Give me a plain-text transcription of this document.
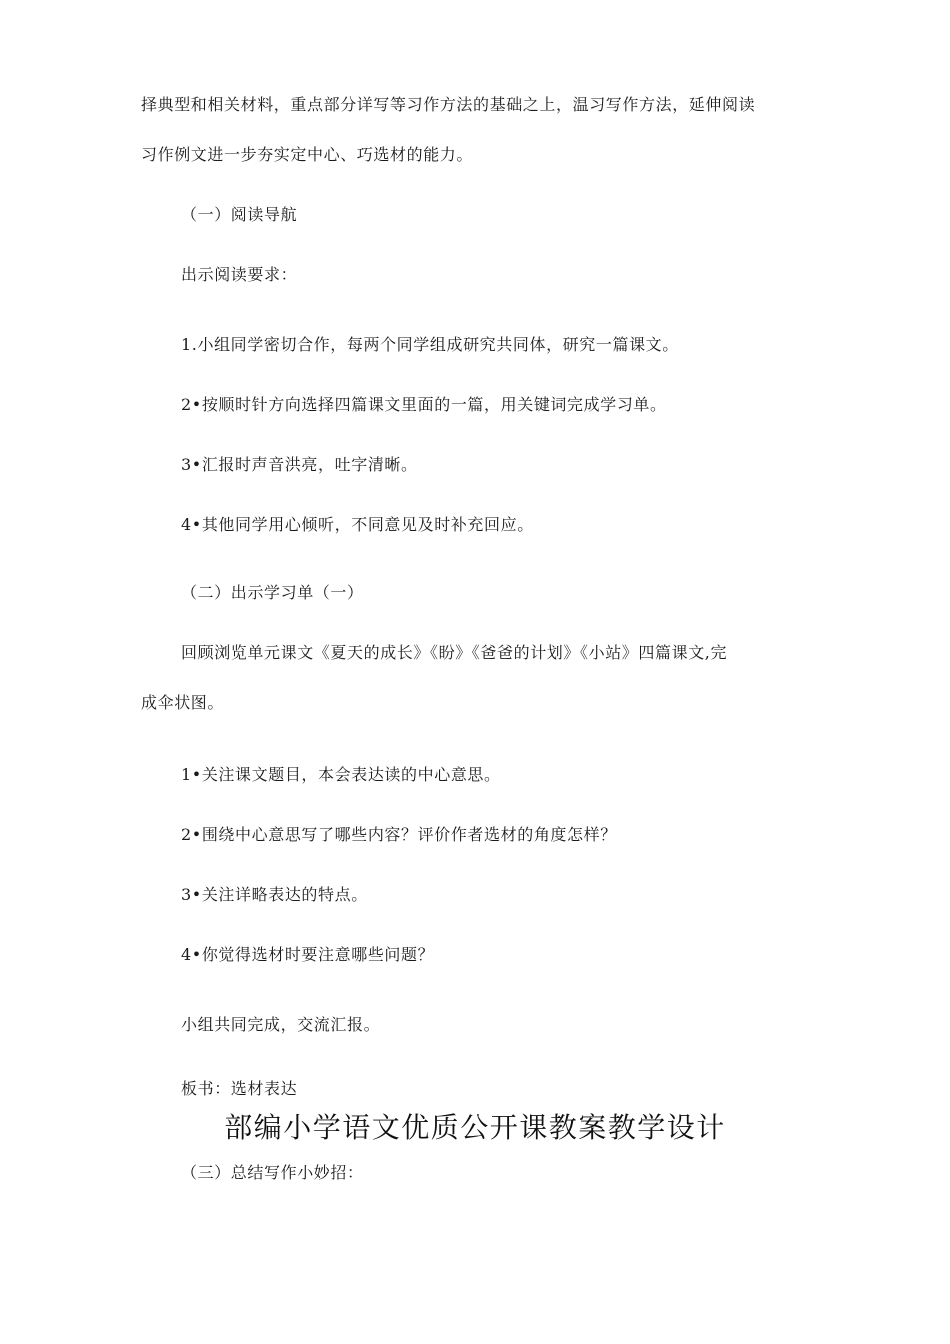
择典型和相关材料，重点部分详写等习作方法的基础之上，温习写作方法，延伸阅读
习作例文进一步夯实定中心、巧选材的能力。
（一）阅读导航
出示阅读要求：
1.小组同学密切合作，每两个同学组成研究共同体，研究一篇课文。
2•按顺时针方向选择四篇课文里面的一篇，用关键词完成学习单。
3•汇报时声音洪亮，吐字清晰。
4•其他同学用心倾听，不同意见及时补充回应。
（二）出示学习单（一）
回顾浏览单元课文《夏天的成长》《盼》《爸爸的计划》《小站》四篇课文,完
成伞状图。
1•关注课文题目，本会表达读的中心意思。
2•围绕中心意思写了哪些内容？评价作者选材的角度怎样？
3•关注详略表达的特点。
4•你觉得选材时要注意哪些问题？
小组共同完成，交流汇报。
板书：选材表达
部编小学语文优质公开课教案教学设计
（三）总结写作小妙招：
